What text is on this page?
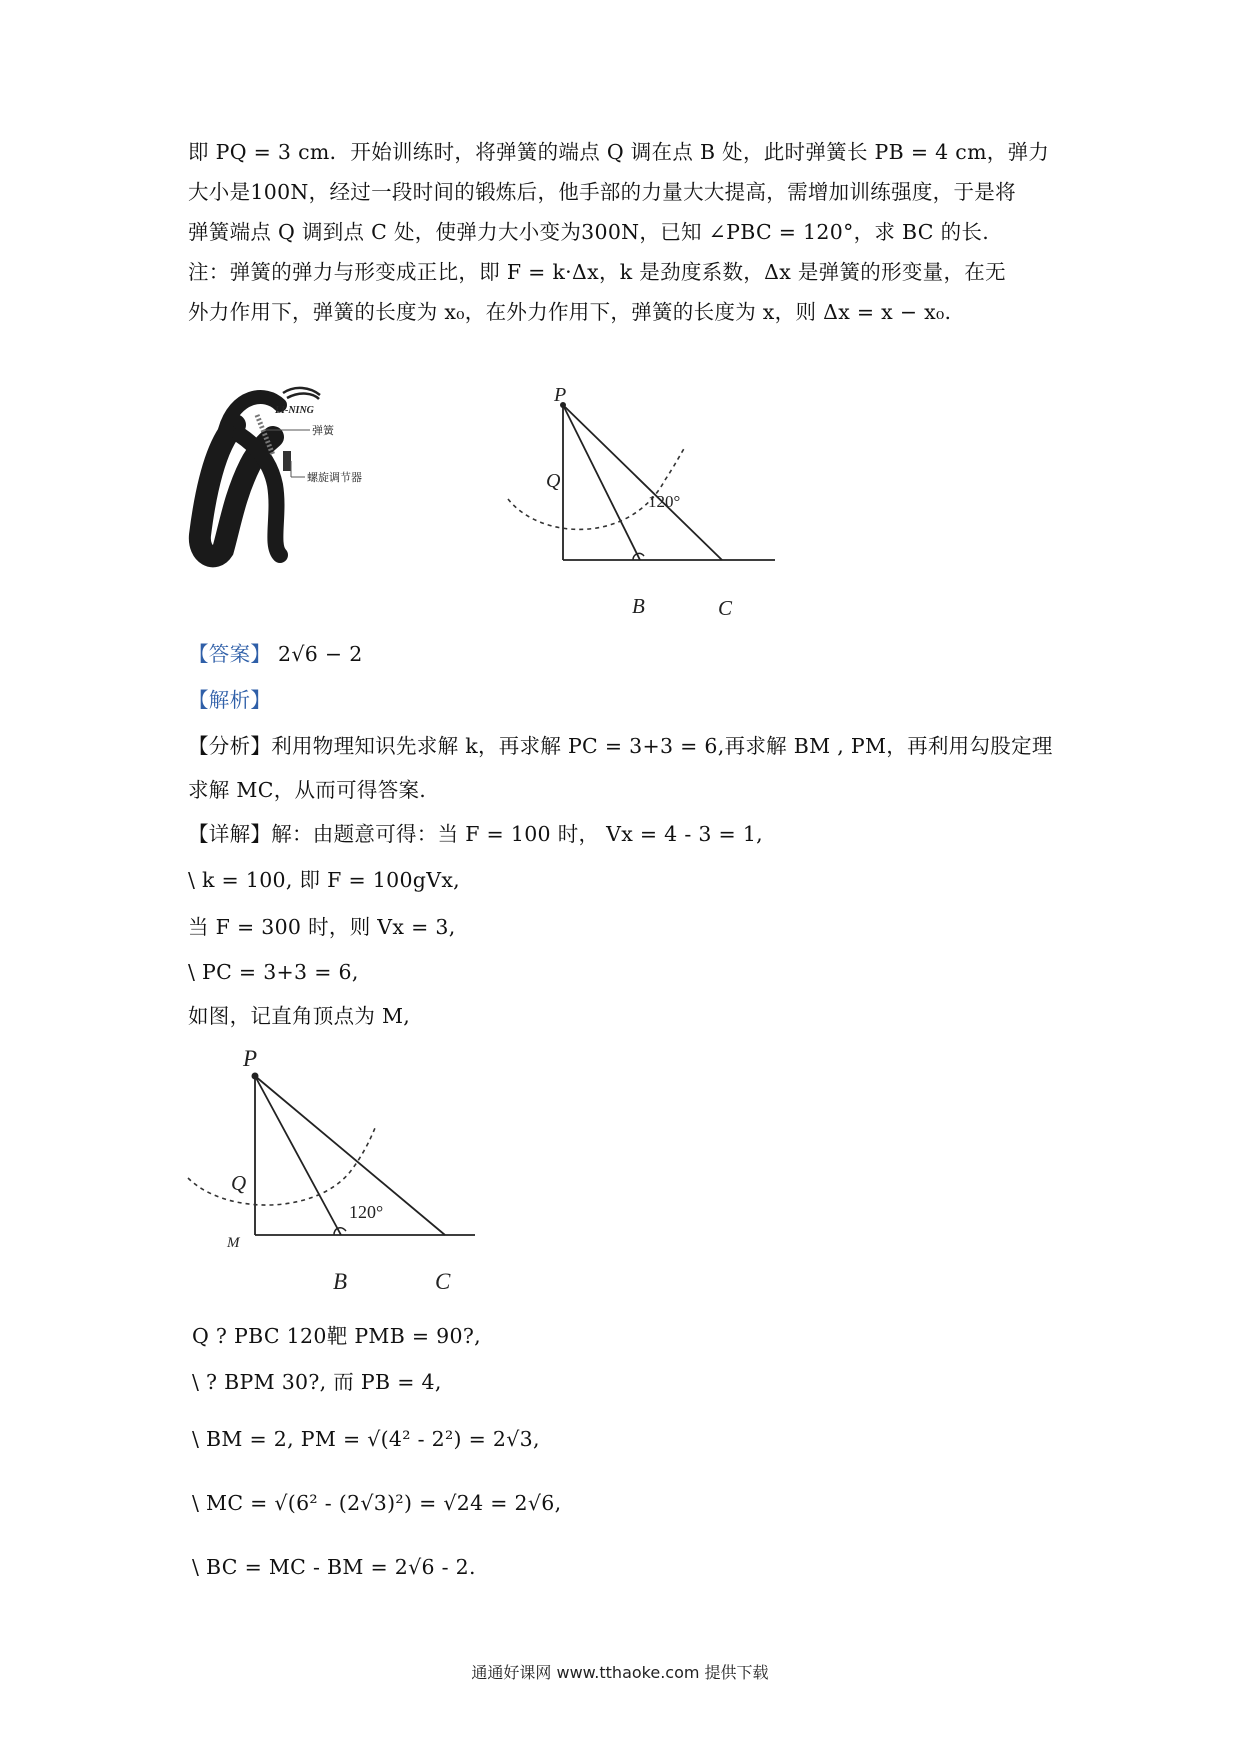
即 PQ = 3 cm．开始训练时，将弹簧的端点 Q 调在点 B 处，此时弹簧长 PB = 4 cm，弹力
大小是100N，经过一段时间的锻炼后，他手部的力量大大提高，需增加训练强度，于是将
弹簧端点 Q 调到点 C 处，使弹力大小变为300N，已知 ∠PBC = 120°，求 BC 的长.
注：弹簧的弹力与形变成正比，即 F = k·Δx，k 是劲度系数，Δx 是弹簧的形变量，在无
外力作用下，弹簧的长度为 x₀，在外力作用下，弹簧的长度为 x，则 Δx = x − x₀.
LI-NING
弹簧
螺旋调节器
P
Q
120°
B	C
【答案】 2√6 − 2
【解析】
【分析】利用物理知识先求解 k，再求解 PC = 3+3 = 6,再求解 BM , PM，再利用勾股定理
求解 MC，从而可得答案.
【详解】解：由题意可得：当 F = 100 时， Vx = 4 - 3 = 1,
\ k = 100, 即 F = 100gVx,
当 F = 300 时，则 Vx = 3,
\ PC = 3+3 = 6,
如图，记直角顶点为 M,
P
Q
M
120°
B	C
Q ? PBC 120靶 PMB = 90?,
\ ? BPM 30?, 而 PB = 4,
\ BM = 2, PM = √(4² - 2²) = 2√3,
\ MC = √(6² - (2√3)²) = √24 = 2√6,
\ BC = MC - BM = 2√6 - 2.
通通好课网 www.tthaoke.com 提供下载
